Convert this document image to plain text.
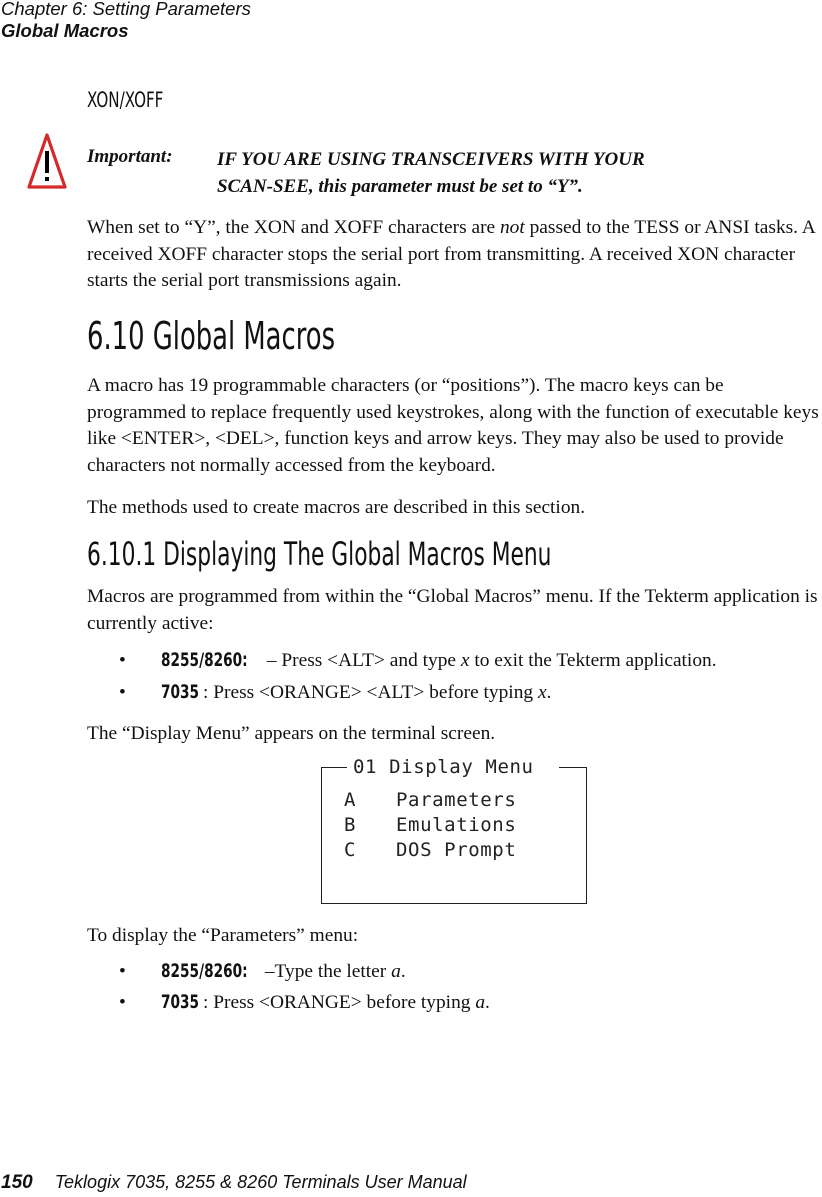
Chapter 6: Setting Parameters
Global Macros
XON/XOFF
Important: IF YOU ARE USING TRANSCEIVERS WITH YOUR
SCAN-SEE, this parameter must be set to “Y”.

When set to “Y”, the XON and XOFF characters are not passed to the TESS or ANSI tasks. A received XOFF character stops the serial port from transmitting. A received XON character starts the serial port transmissions again.

6.10 Global Macros

A macro has 19 programmable characters (or “positions”). The macro keys can be programmed to replace frequently used keystrokes, along with the function of executable keys like <ENTER>, <DEL>, function keys and arrow keys. They may also be used to provide characters not normally accessed from the keyboard.

The methods used to create macros are described in this section.

6.10.1 Displaying The Global Macros Menu

Macros are programmed from within the “Global Macros” menu. If the Tekterm application is currently active:

• 8255/8260: – Press <ALT> and type x to exit the Tekterm application.
• 7035 : Press <ORANGE> <ALT> before typing x.

The “Display Menu” appears on the terminal screen.

01 Display Menu
A Parameters
B Emulations
C DOS Prompt

To display the “Parameters” menu:

• 8255/8260: –Type the letter a.
• 7035 : Press <ORANGE> before typing a.
150 Teklogix 7035, 8255 & 8260 Terminals User Manual
